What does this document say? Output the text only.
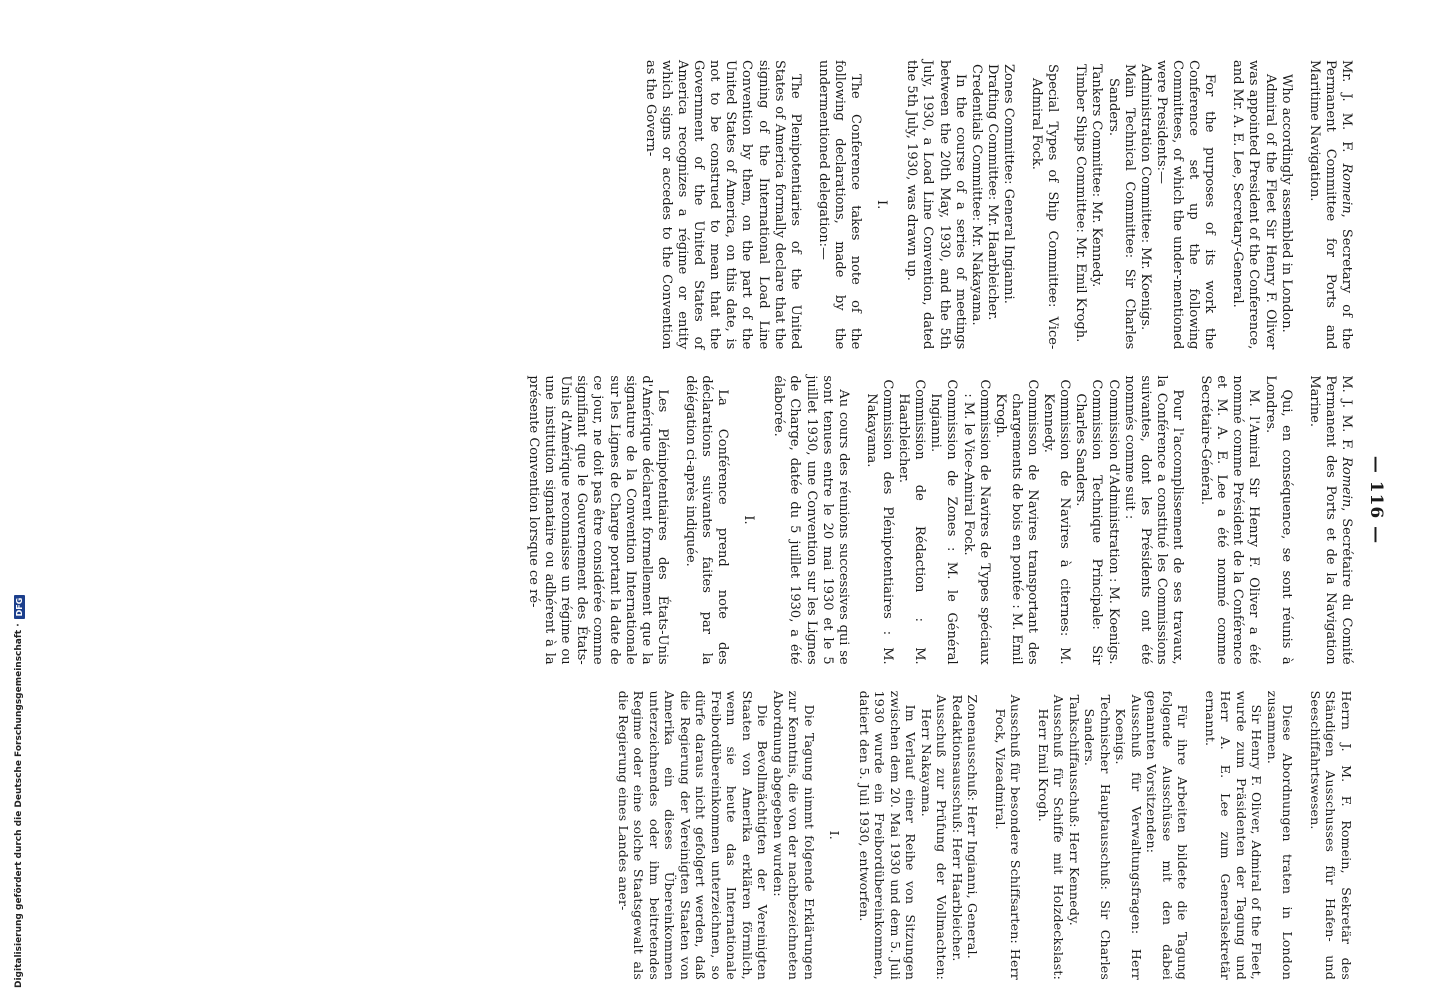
— 116 —

Mr. J. M. F. Romein, Secretary of the Permanent Committee for Ports and Maritime Navigation.

Who accordingly assembled in London.

Admiral of the Fleet Sir Henry F. Oliver was appointed President of the Conference, and Mr. A. E. Lee, Secretary-General.

For the purposes of its work the Conference set up the following Committees, of which the under-mentioned were Presidents:—

Administration Committee: Mr. Koenigs.

Main Technical Committee: Sir Charles Sanders.

Tankers Committee: Mr. Kennedy.

Timber Ships Committee: Mr. Emil Krogh.

Special Types of Ship Committee: Vice-Admiral Fock.

Zones Committee: General Ingianni.

Drafting Committee: Mr. Haarbleicher.

Credentials Committee: Mr. Nakayama.

In the course of a series of meetings between the 20th May, 1930, and the 5th July, 1930, a Load Line Convention, dated the 5th July, 1930, was drawn up.

I.

The Conference takes note of the following declarations, made by the undermentioned delegation:—

The Plenipotentiaries of the United States of America formally declare that the signing of the International Load Line Convention by them, on the part of the United States of America, on this date, is not to be construed to mean that the Government of the United States of America recognizes a régime or entity which signs or accedes to the Convention as the Govern-

M. J. M. F. Romein, Secrétaire du Comité Permanent des Ports et de la Navigation Marine.

Qui, en conséquence, se sont réunis à Londres.

M. l'Amiral Sir Henry F. Oliver a été nommé comme Président de la Conférence et M. A. E. Lee a été nommé comme Secrétaire-Général.

Pour l'accomplissement de ses travaux, la Conférence a constitué les Commissions suivantes, dont les Présidents ont été nommés comme suit :

Commission d'Administration : M. Koenigs.

Commission Technique Principale: Sir Charles Sanders.

Commission de Navires à citernes: M. Kennedy.

Commisson de Navires transportant des chargements de bois en pontée : M. Emil Krogh.

Commission de Navires de Types spéciaux : M. le Vice-Amiral Fock.

Commission de Zones : M. le Général Ingianni.

Commission de Rédaction : M. Haarbleicher.

Commission des Plénipotentiaires : M. Nakayama.

Au cours des réunions successives qui se sont tenues entre le 20 mai 1930 et le 5 juillet 1930, une Convention sur les Lignes de Charge, datée du 5 juillet 1930, a été élaborée.

I.

La Conférence prend note des déclarations suivantes faites par la délégation ci-après indiquée.

Les Plénipotentiaires des États-Unis d'Amérique déclarent formellement que la signature de la Convention Internationale sur les Lignes de Charge portant la date de ce jour, ne doit pas être considérée comme signifiant que le Gouvernement des États-Unis d'Amérique reconnaisse un régime ou une institution signataire ou adhérent à la présente Convention lorsque ce ré-

Herrn J. M. F. Romein, Sekretär des Ständigen Ausschusses für Hafen- und Seeschiffahrtswesen.

Diese Abordnungen traten in London zusammen.

Sir Henry F. Oliver, Admiral of the Fleet, wurde zum Präsidenten der Tagung und Herr A. E. Lee zum Generalsekretär ernannt.

Für ihre Arbeiten bildete die Tagung folgende Ausschüsse mit den dabei genannten Vorsitzenden:

Ausschuß für Verwaltungsfragen: Herr Koenigs.

Technischer Hauptausschuß: Sir Charles Sanders.

Tankschiffausschuß: Herr Kennedy.

Ausschuß für Schiffe mit Holzdeckslast: Herr Emil Krogh.

Ausschuß für besondere Schiffsarten: Herr Fock, Vizeadmiral.

Zonenausschuß: Herr Ingianni, General.

Redaktionsausschuß: Herr Haarbleicher.

Ausschuß zur Prüfung der Vollmachten: Herr Nakayama.

Im Verlauf einer Reihe von Sitzungen zwischen dem 20. Mai 1930 und dem 5. Juli 1930 wurde ein Freibordübereinkommen, datiert den 5. Juli 1930, entworfen.

I.

Die Tagung nimmt folgende Erklärungen zur Kenntnis, die von der nachbezeichneten Abordnung abgegeben wurden:

Die Bevollmächtigten der Vereinigten Staaten von Amerika erklären förmlich, wenn sie heute das Internationale Freibordübereinkommen unterzeichnen, so dürfe daraus nicht gefolgert werden, daß die Regierung der Vereinigten Staaten von Amerika ein dieses Übereinkommen unterzeichnendes oder ihm beitretendes Regime oder eine solche Staatsgewalt als die Regierung eines Landes aner-

Digitalisierung gefördert durch die Deutsche Forschungsgemeinschaft ·
DFG
